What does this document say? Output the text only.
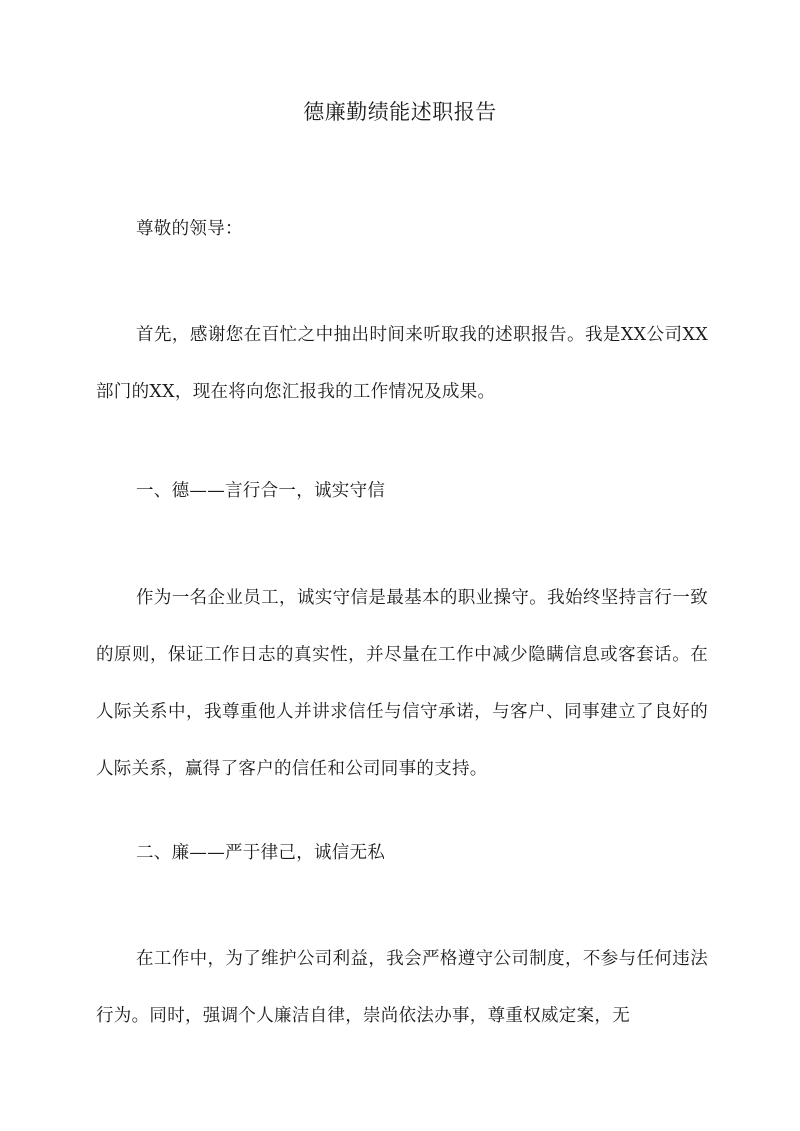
德廉勤绩能述职报告
尊敬的领导：
首先，感谢您在百忙之中抽出时间来听取我的述职报告。我是XX公司XX部门的XX，现在将向您汇报我的工作情况及成果。
一、德——言行合一，诚实守信
作为一名企业员工，诚实守信是最基本的职业操守。我始终坚持言行一致的原则，保证工作日志的真实性，并尽量在工作中减少隐瞒信息或客套话。在人际关系中，我尊重他人并讲求信任与信守承诺，与客户、同事建立了良好的人际关系，赢得了客户的信任和公司同事的支持。
二、廉——严于律己，诚信无私
在工作中，为了维护公司利益，我会严格遵守公司制度，不参与任何违法行为。同时，强调个人廉洁自律，崇尚依法办事，尊重权威定案，无
